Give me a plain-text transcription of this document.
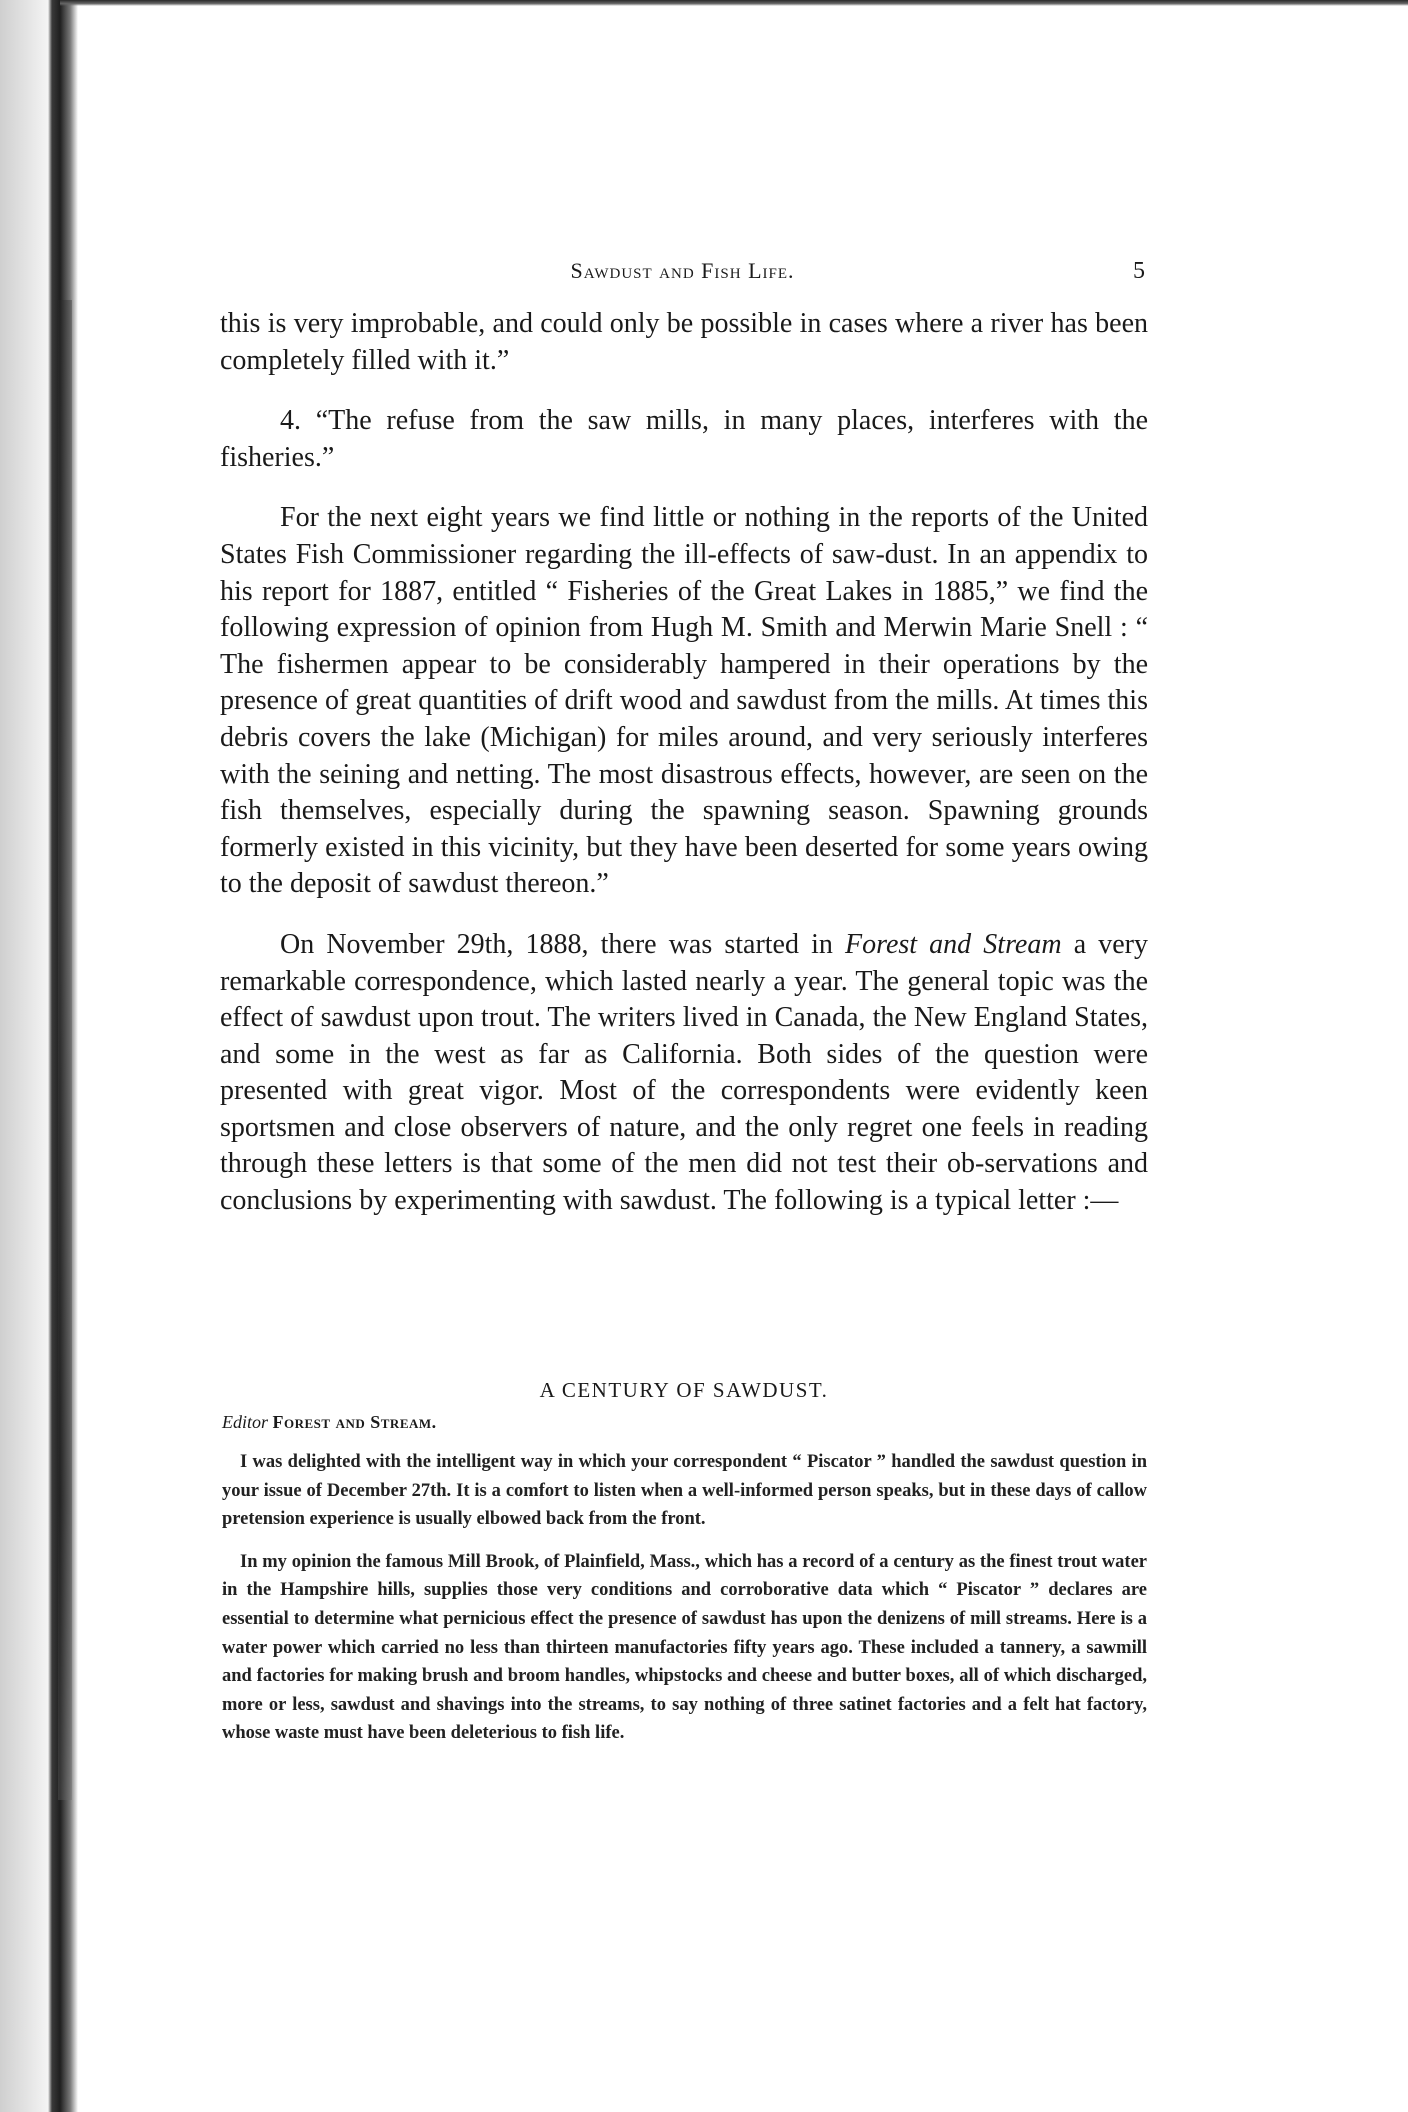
Sawdust and Fish Life.	5

this is very improbable, and could only be possible in cases where a river has been completely filled with it.”

4. “The refuse from the saw mills, in many places, interferes with the fisheries.”

For the next eight years we find little or nothing in the reports of the United States Fish Commissioner regarding the ill-effects of saw-dust. In an appendix to his report for 1887, entitled “ Fisheries of the Great Lakes in 1885,” we find the following expression of opinion from Hugh M. Smith and Merwin Marie Snell : “ The fishermen appear to be considerably hampered in their operations by the presence of great quantities of drift wood and sawdust from the mills. At times this debris covers the lake (Michigan) for miles around, and very seriously interferes with the seining and netting. The most disastrous effects, however, are seen on the fish themselves, especially during the spawning season. Spawning grounds formerly existed in this vicinity, but they have been deserted for some years owing to the deposit of sawdust thereon.”

On November 29th, 1888, there was started in Forest and Stream a very remarkable correspondence, which lasted nearly a year. The general topic was the effect of sawdust upon trout. The writers lived in Canada, the New England States, and some in the west as far as California. Both sides of the question were presented with great vigor. Most of the correspondents were evidently keen sportsmen and close observers of nature, and the only regret one feels in reading through these letters is that some of the men did not test their ob-servations and conclusions by experimenting with sawdust. The following is a typical letter :—

A CENTURY OF SAWDUST.
Editor Forest and Stream.

I was delighted with the intelligent way in which your correspondent “ Piscator ” handled the sawdust question in your issue of December 27th. It is a comfort to listen when a well-informed person speaks, but in these days of callow pretension experience is usually elbowed back from the front.

In my opinion the famous Mill Brook, of Plainfield, Mass., which has a record of a century as the finest trout water in the Hampshire hills, supplies those very conditions and corroborative data which “ Piscator ” declares are essential to determine what pernicious effect the presence of sawdust has upon the denizens of mill streams. Here is a water power which carried no less than thirteen manufactories fifty years ago. These included a tannery, a sawmill and factories for making brush and broom handles, whipstocks and cheese and butter boxes, all of which discharged, more or less, sawdust and shavings into the streams, to say nothing of three satinet factories and a felt hat factory, whose waste must have been deleterious to fish life.
